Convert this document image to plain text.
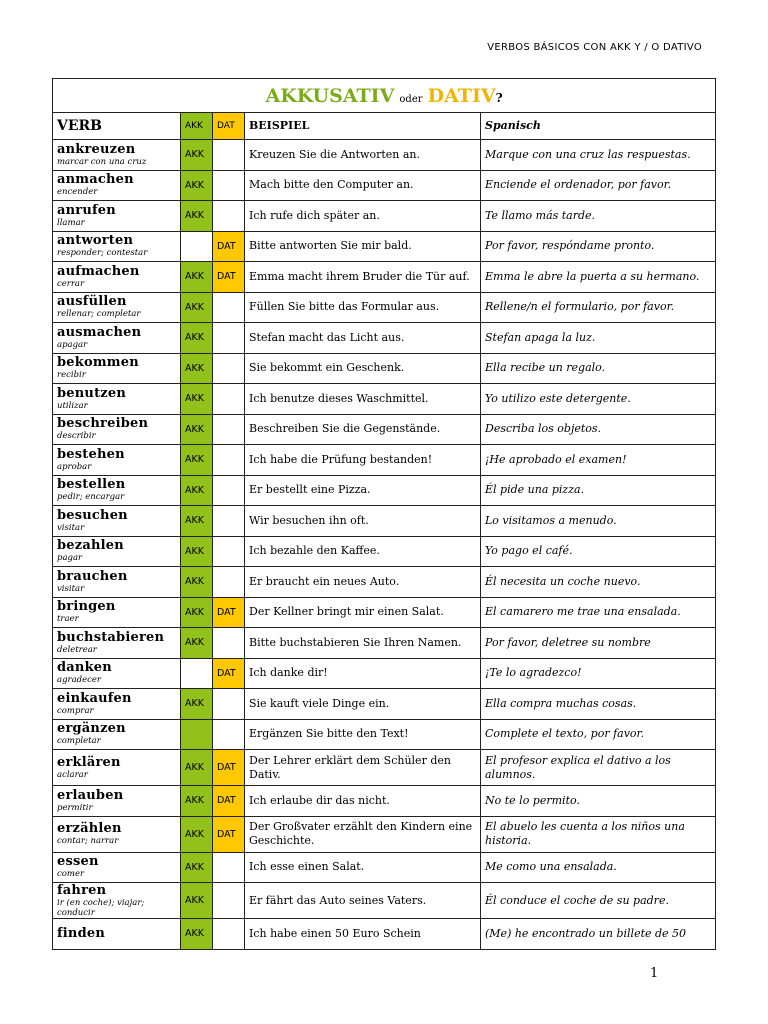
VERBOS BÁSICOS CON AKK Y / O DATIVO
AKKUSATIV oder DATIV?				
VERB	AKK	DAT	BEISPIEL	Spanisch

ankreuzen
marcar con una cruz	AKK		Kreuzen Sie die Antworten an.	Marque con una cruz las respuestas.

anmachen
encender	AKK		Mach bitte den Computer an.	Enciende el ordenador, por favor.

anrufen
llamar	AKK		Ich rufe dich später an.	Te llamo más tarde.

antworten
responder; contestar		DAT	Bitte antworten Sie mir bald.	Por favor, respóndame pronto.

aufmachen
cerrar	AKK	DAT	Emma macht ihrem Bruder die Tür auf.	Emma le abre la puerta a su hermano.

ausfüllen
rellenar; completar	AKK		Füllen Sie bitte das Formular aus.	Rellene/n el formulario, por favor.

ausmachen
apagar	AKK		Stefan macht das Licht aus.	Stefan apaga la luz.

bekommen
recibir	AKK		Sie bekommt ein Geschenk.	Ella recibe un regalo.

benutzen
utilizar	AKK		Ich benutze dieses Waschmittel.	Yo utilizo este detergente.

beschreiben
describir	AKK		Beschreiben Sie die Gegenstände.	Describa los objetos.

bestehen
aprobar	AKK		Ich habe die Prüfung bestanden!	¡He aprobado el examen!

bestellen
pedir; encargar	AKK		Er bestellt eine Pizza.	Él pide una pizza.

besuchen
visitar	AKK		Wir besuchen ihn oft.	Lo visitamos a menudo.

bezahlen
pagar	AKK		Ich bezahle den Kaffee.	Yo pago el café.

brauchen
visitar	AKK		Er braucht ein neues Auto.	Él necesita un coche nuevo.

bringen
traer	AKK	DAT	Der Kellner bringt mir einen Salat.	El camarero me trae una ensalada.

buchstabieren
deletrear	AKK		Bitte buchstabieren Sie Ihren Namen.	Por favor, deletree su nombre

danken
agradecer		DAT	Ich danke dir!	¡Te lo agradezco!

einkaufen
comprar	AKK		Sie kauft viele Dinge ein.	Ella compra muchas cosas.

ergänzen
completar			Ergänzen Sie bitte den Text!	Complete el texto, por favor.

erklären
aclarar	AKK	DAT	Der Lehrer erklärt dem Schüler den Dativ.	El profesor explica el dativo a los alumnos.

erlauben
permitir	AKK	DAT	Ich erlaube dir das nicht.	No te lo permito.

erzählen
contar; narrar	AKK	DAT	Der Großvater erzählt den Kindern eine Geschichte.	El abuelo les cuenta a los niños una historia.

essen
comer	AKK		Ich esse einen Salat.	Me como una ensalada.

fahren
ir (en coche); viajar; conducir	AKK		Er fährt das Auto seines Vaters.	Él conduce el coche de su padre.

finden	AKK		Ich habe einen 50 Euro Schein	(Me) he encontrado un billete de 50
1
